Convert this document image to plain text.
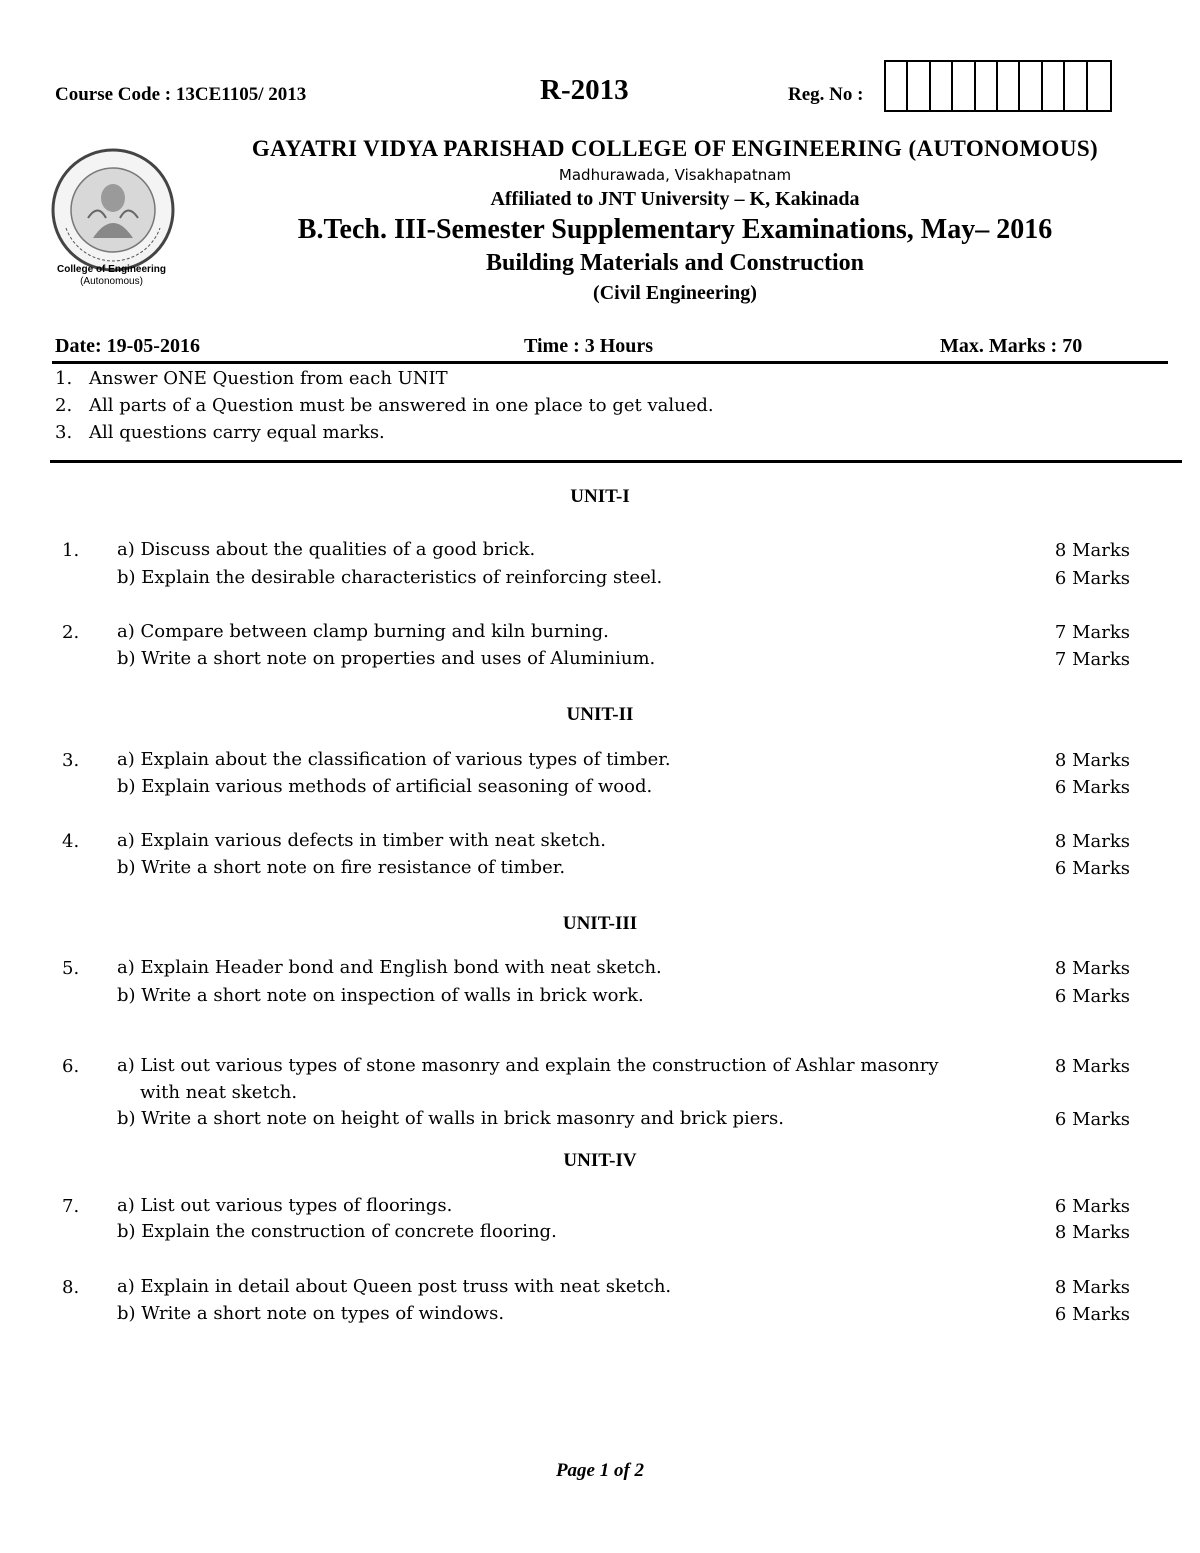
Course Code : 13CE1105/ 2013	R-2013	Reg. No :
College of Engineering
(Autonomous)
GAYATRI VIDYA PARISHAD COLLEGE OF ENGINEERING (AUTONOMOUS)
Madhurawada, Visakhapatnam
Affiliated to JNT University – K, Kakinada
B.Tech. III-Semester Supplementary Examinations, May– 2016
Building Materials and Construction
(Civil Engineering)
Date: 19-05-2016	Time : 3 Hours	Max. Marks : 70
1. Answer ONE Question from each UNIT
2. All parts of a Question must be answered in one place to get valued.
3. All questions carry equal marks.
UNIT-I
1. a) Discuss about the qualities of a good brick.	8 Marks
b) Explain the desirable characteristics of reinforcing steel.	6 Marks
2. a) Compare between clamp burning and kiln burning.	7 Marks
b) Write a short note on properties and uses of Aluminium.	7 Marks
UNIT-II
3. a) Explain about the classification of various types of timber.	8 Marks
b) Explain various methods of artificial seasoning of wood.	6 Marks
4. a) Explain various defects in timber with neat sketch.	8 Marks
b) Write a short note on fire resistance of timber.	6 Marks
UNIT-III
5. a) Explain Header bond and English bond with neat sketch.	8 Marks
b) Write a short note on inspection of walls in brick work.	6 Marks
6. a) List out various types of stone masonry and explain the construction of Ashlar masonry
with neat sketch.
8 Marks
b) Write a short note on height of walls in brick masonry and brick piers.	6 Marks
UNIT-IV
7. a) List out various types of floorings.	6 Marks
b) Explain the construction of concrete flooring.	8 Marks
8. a) Explain in detail about Queen post truss with neat sketch.	8 Marks
b) Write a short note on types of windows.	6 Marks
Page 1 of 2
